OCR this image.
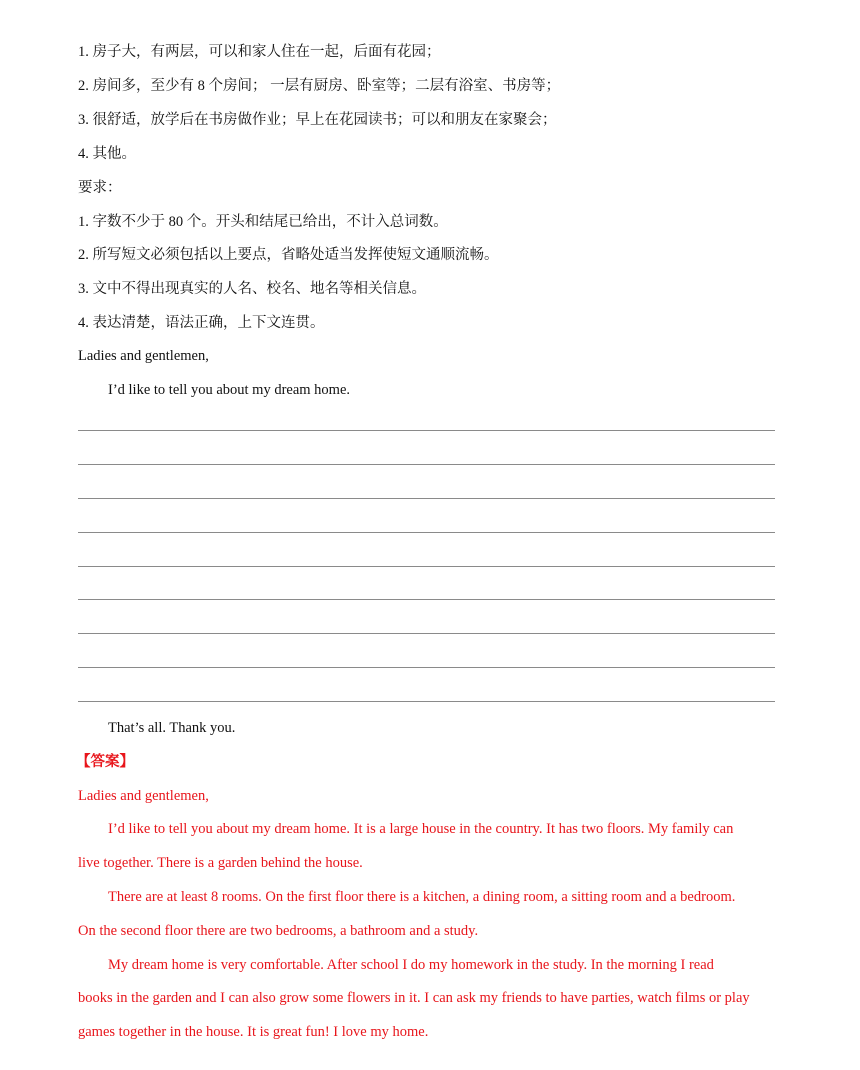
1. 房子大，有两层，可以和家人住在一起，后面有花园；
2. 房间多，至少有 8 个房间； 一层有厨房、卧室等；二层有浴室、书房等；
3. 很舒适，放学后在书房做作业；早上在花园读书；可以和朋友在家聚会；
4. 其他。
要求：
1. 字数不少于 80 个。开头和结尾已给出，不计入总词数。
2. 所写短文必须包括以上要点，省略处适当发挥使短文通顺流畅。
3. 文中不得出现真实的人名、校名、地名等相关信息。
4. 表达清楚，语法正确，上下文连贯。
Ladies and gentlemen,
I’d like to tell you about my dream home.
That’s all. Thank you.
【答案】
Ladies and gentlemen,
I’d like to tell you about my dream home. It is a large house in the country. It has two floors. My family can
live together. There is a garden behind the house.
There are at least 8 rooms. On the first floor there is a kitchen, a dining room, a sitting room and a bedroom.
On the second floor there are two bedrooms, a bathroom and a study.
My dream home is very comfortable. After school I do my homework in the study. In the morning I read
books in the garden and I can also grow some flowers in it. I can ask my friends to have parties, watch films or play
games together in the house. It is great fun! I love my home.
